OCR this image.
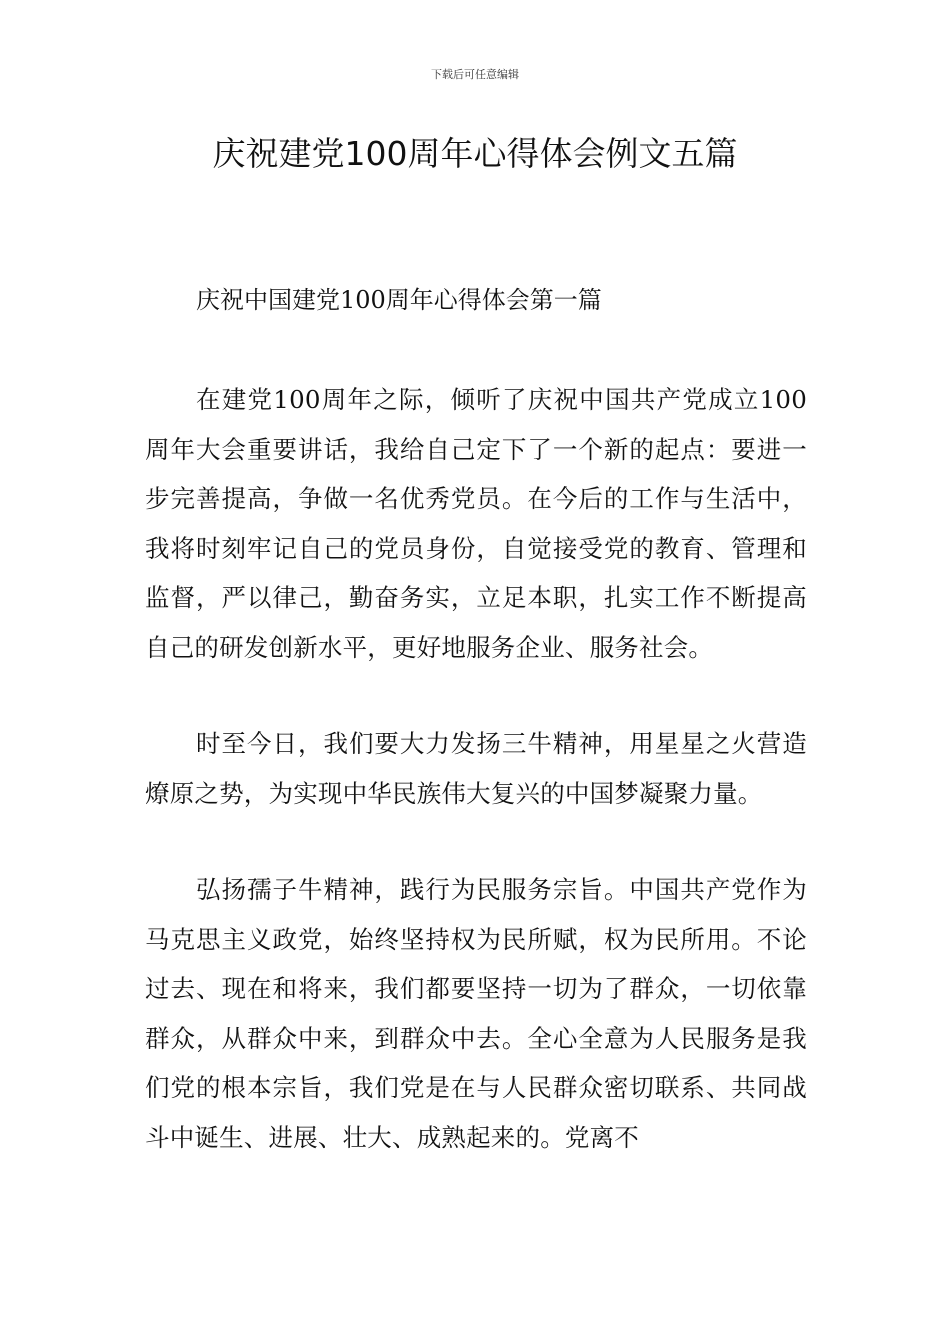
下载后可任意编辑
庆祝建党100周年心得体会例文五篇
庆祝中国建党100周年心得体会第一篇

在建党100周年之际，倾听了庆祝中国共产党成立100周年大会重要讲话，我给自己定下了一个新的起点：要进一步完善提高，争做一名优秀党员。在今后的工作与生活中，我将时刻牢记自己的党员身份，自觉接受党的教育、管理和监督，严以律己，勤奋务实，立足本职，扎实工作不断提高自己的研发创新水平，更好地服务企业、服务社会。

时至今日，我们要大力发扬三牛精神，用星星之火营造燎原之势，为实现中华民族伟大复兴的中国梦凝聚力量。

弘扬孺子牛精神，践行为民服务宗旨。中国共产党作为马克思主义政党，始终坚持权为民所赋，权为民所用。不论过去、现在和将来，我们都要坚持一切为了群众，一切依靠群众，从群众中来，到群众中去。全心全意为人民服务是我们党的根本宗旨，我们党是在与人民群众密切联系、共同战斗中诞生、进展、壮大、成熟起来的。党离不
